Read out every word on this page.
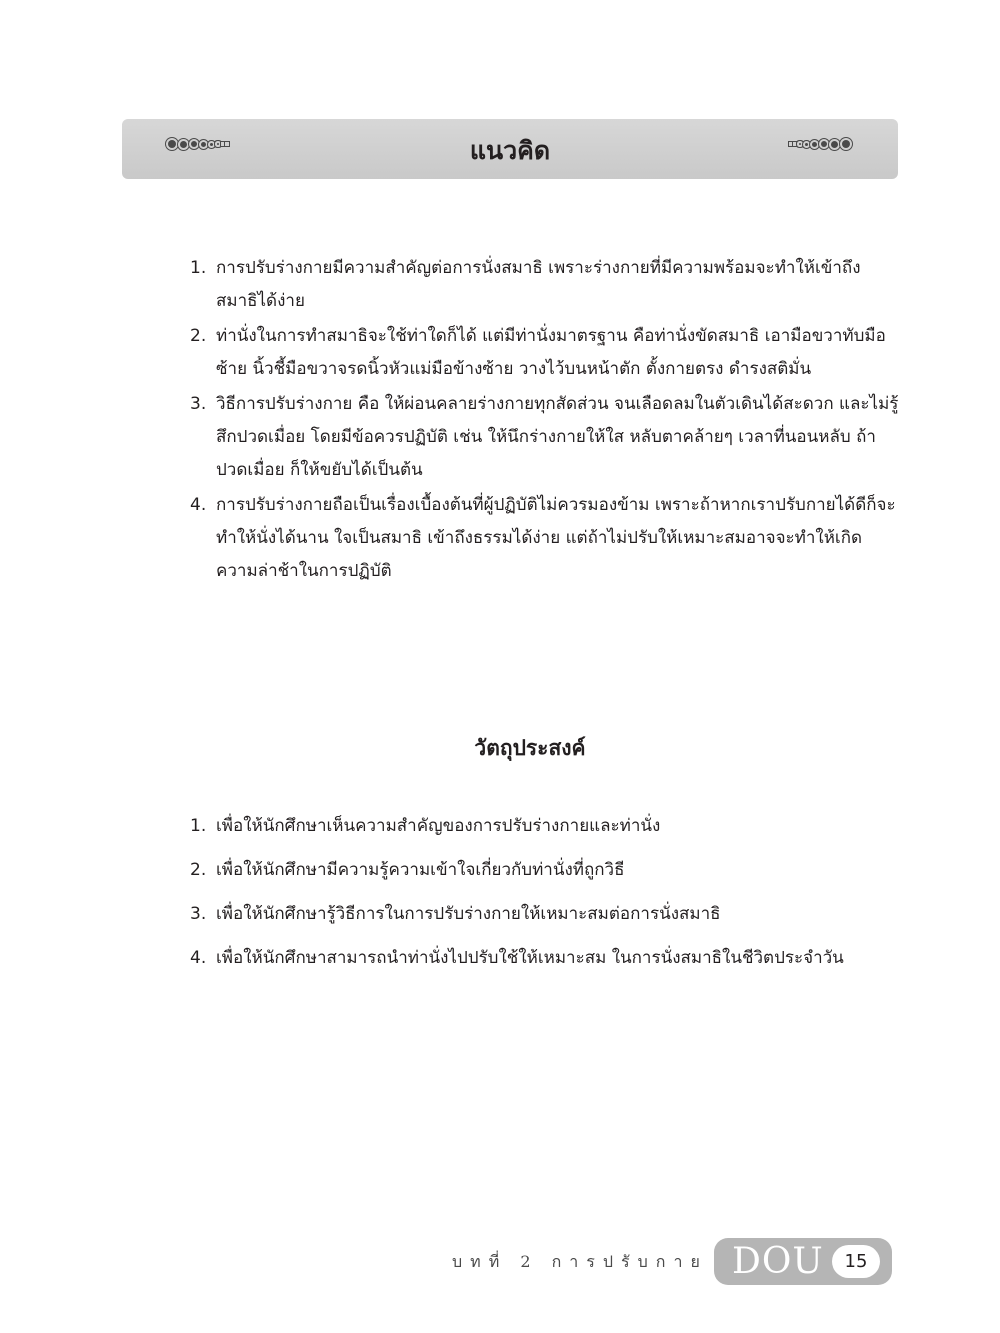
แนวคิด
1. การปรับร่างกายมีความสำคัญต่อการนั่งสมาธิ เพราะร่างกายที่มีความพร้อมจะทำให้เข้าถึงสมาธิได้ง่าย
2. ท่านั่งในการทำสมาธิจะใช้ท่าใดก็ได้ แต่มีท่านั่งมาตรฐาน คือท่านั่งขัดสมาธิ เอามือขวาทับมือซ้าย นิ้วชี้มือขวาจรดนิ้วหัวแม่มือข้างซ้าย วางไว้บนหน้าตัก ตั้งกายตรง ดำรงสติมั่น
3. วิธีการปรับร่างกาย คือ ให้ผ่อนคลายร่างกายทุกสัดส่วน จนเลือดลมในตัวเดินได้สะดวก และไม่รู้สึกปวดเมื่อย โดยมีข้อควรปฏิบัติ เช่น ให้นึกร่างกายให้ใส หลับตาคล้ายๆ เวลาที่นอนหลับ ถ้าปวดเมื่อย ก็ให้ขยับได้เป็นต้น
4. การปรับร่างกายถือเป็นเรื่องเบื้องต้นที่ผู้ปฏิบัติไม่ควรมองข้าม เพราะถ้าหากเราปรับกายได้ดีก็จะทำให้นั่งได้นาน ใจเป็นสมาธิ เข้าถึงธรรมได้ง่าย แต่ถ้าไม่ปรับให้เหมาะสมอาจจะทำให้เกิดความล่าช้าในการปฏิบัติ
วัตถุประสงค์
1. เพื่อให้นักศึกษาเห็นความสำคัญของการปรับร่างกายและท่านั่ง
2. เพื่อให้นักศึกษามีความรู้ความเข้าใจเกี่ยวกับท่านั่งที่ถูกวิธี
3. เพื่อให้นักศึกษารู้วิธีการในการปรับร่างกายให้เหมาะสมต่อการนั่งสมาธิ
4. เพื่อให้นักศึกษาสามารถนำท่านั่งไปปรับใช้ให้เหมาะสม ในการนั่งสมาธิในชีวิตประจำวัน
บทที่ 2 การปรับกาย DOU	15
